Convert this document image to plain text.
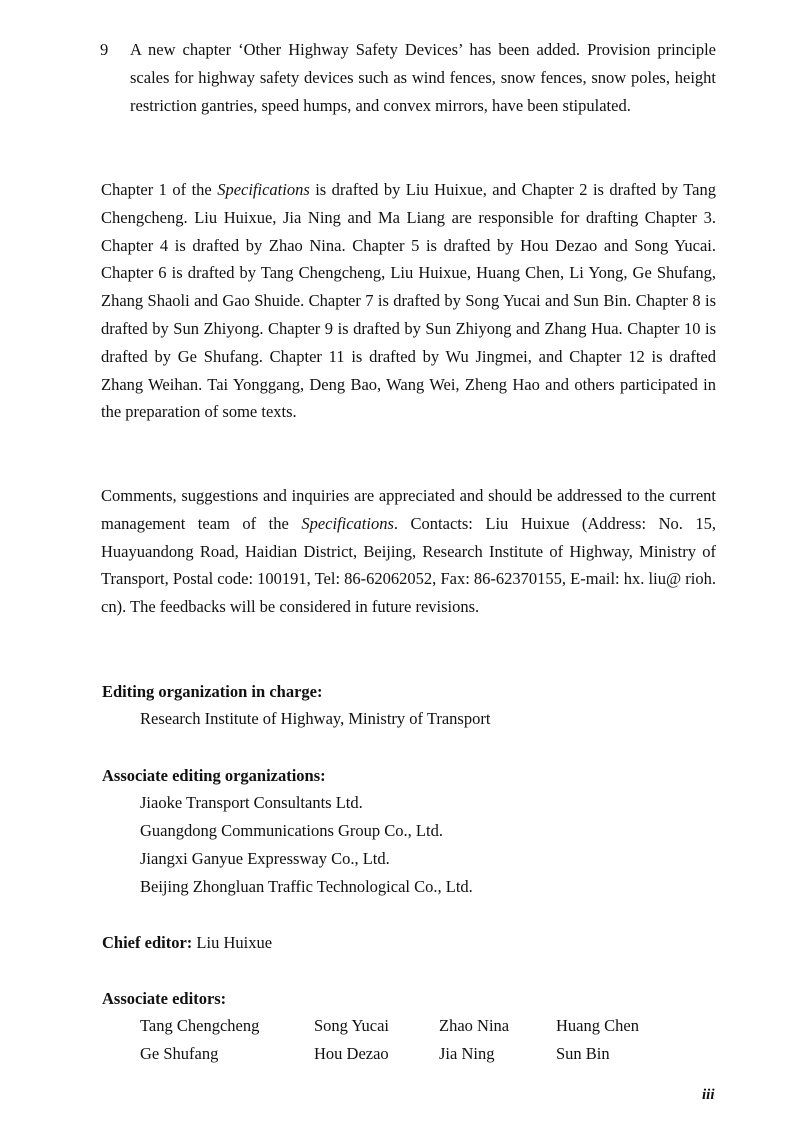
9 A new chapter ‘Other Highway Safety Devices’ has been added. Provision principle scales for highway safety devices such as wind fences, snow fences, snow poles, height restriction gantries, speed humps, and convex mirrors, have been stipulated.
Chapter 1 of the Specifications is drafted by Liu Huixue, and Chapter 2 is drafted by Tang Chengcheng. Liu Huixue, Jia Ning and Ma Liang are responsible for drafting Chapter 3. Chapter 4 is drafted by Zhao Nina. Chapter 5 is drafted by Hou Dezao and Song Yucai. Chapter 6 is drafted by Tang Chengcheng, Liu Huixue, Huang Chen, Li Yong, Ge Shufang, Zhang Shaoli and Gao Shuide. Chapter 7 is drafted by Song Yucai and Sun Bin. Chapter 8 is drafted by Sun Zhiyong. Chapter 9 is drafted by Sun Zhiyong and Zhang Hua. Chapter 10 is drafted by Ge Shufang. Chapter 11 is drafted by Wu Jingmei, and Chapter 12 is drafted Zhang Weihan. Tai Yonggang, Deng Bao, Wang Wei, Zheng Hao and others participated in the preparation of some texts.
Comments, suggestions and inquiries are appreciated and should be addressed to the current management team of the Specifications. Contacts: Liu Huixue (Address: No. 15, Huayuandong Road, Haidian District, Beijing, Research Institute of Highway, Ministry of Transport, Postal code: 100191, Tel: 86-62062052, Fax: 86-62370155, E-mail: hx. liu@ rioh. cn). The feedbacks will be considered in future revisions.
Editing organization in charge:
Research Institute of Highway, Ministry of Transport
Associate editing organizations:
Jiaoke Transport Consultants Ltd.
Guangdong Communications Group Co., Ltd.
Jiangxi Ganyue Expressway Co., Ltd.
Beijing Zhongluan Traffic Technological Co., Ltd.
Chief editor: Liu Huixue
Associate editors:
Tang Chengcheng	Song Yucai	Zhao Nina	Huang Chen
Ge Shufang	Hou Dezao	Jia Ning	Sun Bin
iii
